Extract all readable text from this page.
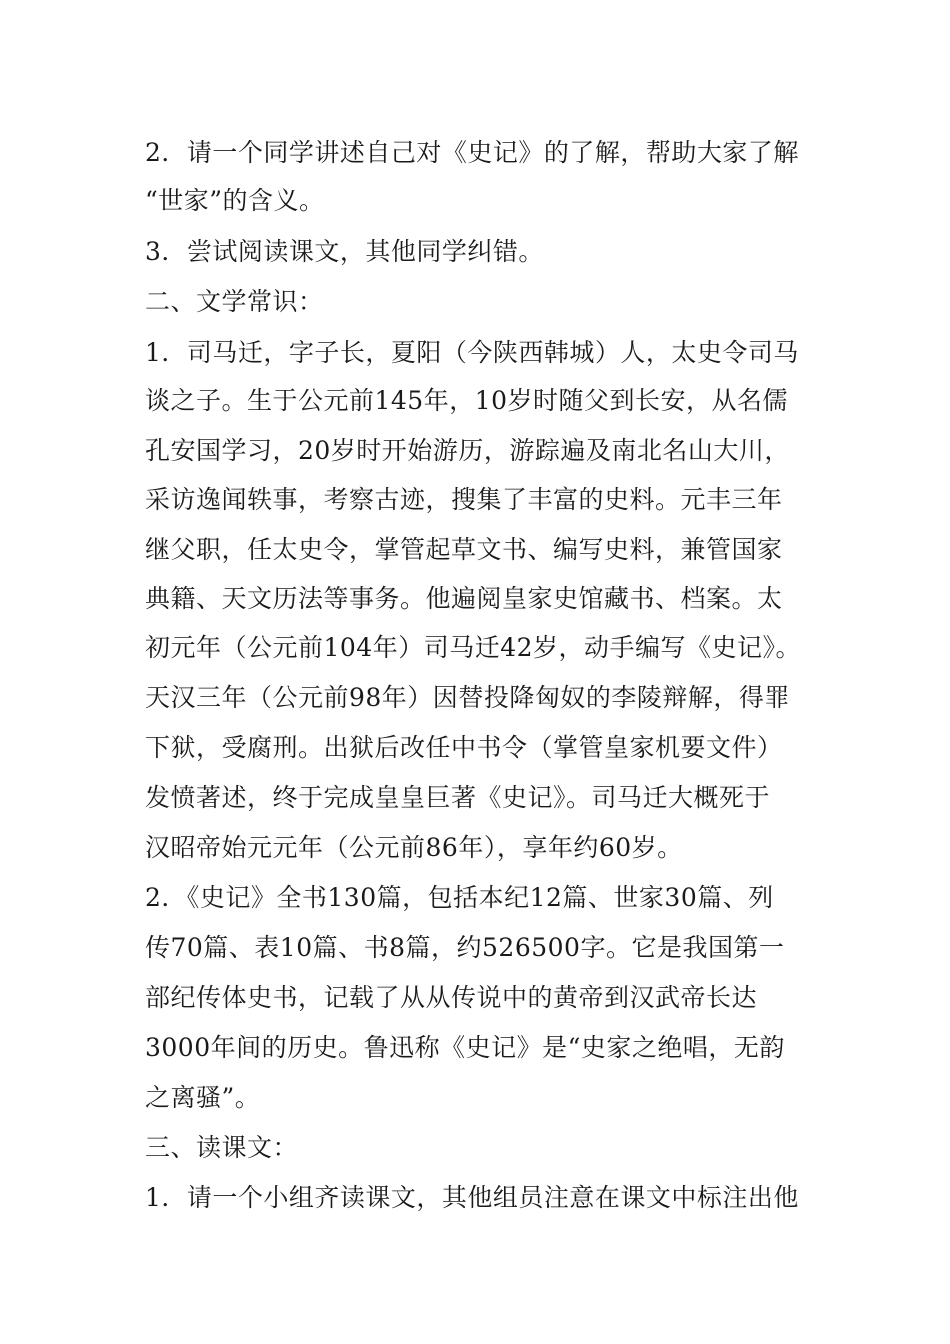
2．请一个同学讲述自己对《史记》的了解，帮助大家了解
“世家”的含义。
3．尝试阅读课文，其他同学纠错。
二、文学常识：
1．司马迁，字子长，夏阳（今陕西韩城）人，太史令司马
谈之子。生于公元前145年，10岁时随父到长安，从名儒
孔安国学习，20岁时开始游历，游踪遍及南北名山大川，
采访逸闻轶事，考察古迹，搜集了丰富的史料。元丰三年
继父职，任太史令，掌管起草文书、编写史料，兼管国家
典籍、天文历法等事务。他遍阅皇家史馆藏书、档案。太
初元年（公元前104年）司马迁42岁，动手编写《史记》。
天汉三年（公元前98年）因替投降匈奴的李陵辩解，得罪
下狱，受腐刑。出狱后改任中书令（掌管皇家机要文件）
发愤著述，终于完成皇皇巨著《史记》。司马迁大概死于
汉昭帝始元元年（公元前86年），享年约60岁。
2．《史记》全书130篇，包括本纪12篇、世家30篇、列
传70篇、表10篇、书8篇，约526500字。它是我国第一
部纪传体史书，记载了从从传说中的黄帝到汉武帝长达
3000年间的历史。鲁迅称《史记》是“史家之绝唱，无韵
之离骚”。
三、读课文：
1．请一个小组齐读课文，其他组员注意在课文中标注出他
